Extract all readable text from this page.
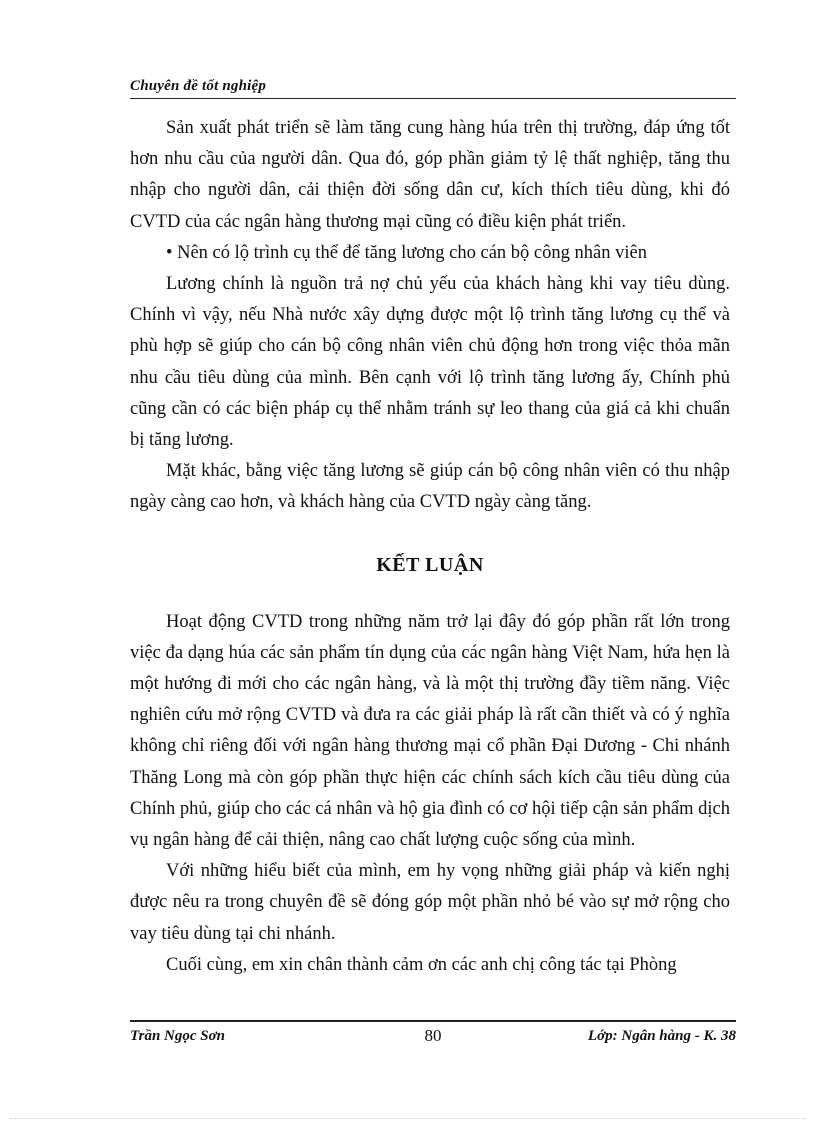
Chuyên đề tốt nghiệp

Sản xuất phát triển sẽ làm tăng cung hàng húa trên thị trường, đáp ứng tốt hơn nhu cầu của người dân. Qua đó, góp phần giảm tỷ lệ thất nghiệp, tăng thu nhập cho người dân, cải thiện đời sống dân cư, kích thích tiêu dùng, khi đó CVTD của các ngân hàng thương mại cũng có điều kiện phát triển.

• Nên có lộ trình cụ thể để tăng lương cho cán bộ công nhân viên

Lương chính là nguồn trả nợ chủ yếu của khách hàng khi vay tiêu dùng. Chính vì vậy, nếu Nhà nước xây dựng được một lộ trình tăng lương cụ thể và phù hợp sẽ giúp cho cán bộ công nhân viên chủ động hơn trong việc thỏa mãn nhu cầu tiêu dùng của mình. Bên cạnh với lộ trình tăng lương ấy, Chính phủ cũng cần có các biện pháp cụ thể nhằm tránh sự leo thang của giá cả khi chuẩn bị tăng lương.

Mặt khác, bằng việc tăng lương sẽ giúp cán bộ công nhân viên có thu nhập ngày càng cao hơn, và khách hàng của CVTD ngày càng tăng.

KẾT LUẬN

Hoạt động CVTD trong những năm trở lại đây đó góp phần rất lớn trong việc đa dạng húa các sản phẩm tín dụng của các ngân hàng Việt Nam, hứa hẹn là một hướng đi mới cho các ngân hàng, và là một thị trường đầy tiềm năng. Việc nghiên cứu mở rộng CVTD và đưa ra các giải pháp là rất cần thiết và có ý nghĩa không chỉ riêng đối với ngân hàng thương mại cổ phần Đại Dương - Chi nhánh Thăng Long mà còn góp phần thực hiện các chính sách kích cầu tiêu dùng của Chính phủ, giúp cho các cá nhân và hộ gia đình có cơ hội tiếp cận sản phẩm dịch vụ ngân hàng để cải thiện, nâng cao chất lượng cuộc sống của mình.

Với những hiểu biết của mình, em hy vọng những giải pháp và kiến nghị được nêu ra trong chuyên đề sẽ đóng góp một phần nhỏ bé vào sự mở rộng cho vay tiêu dùng tại chi nhánh.

Cuối cùng, em xin chân thành cảm ơn các anh chị công tác tại Phòng

Trần Ngọc Sơn	80	Lớp: Ngân hàng - K. 38
